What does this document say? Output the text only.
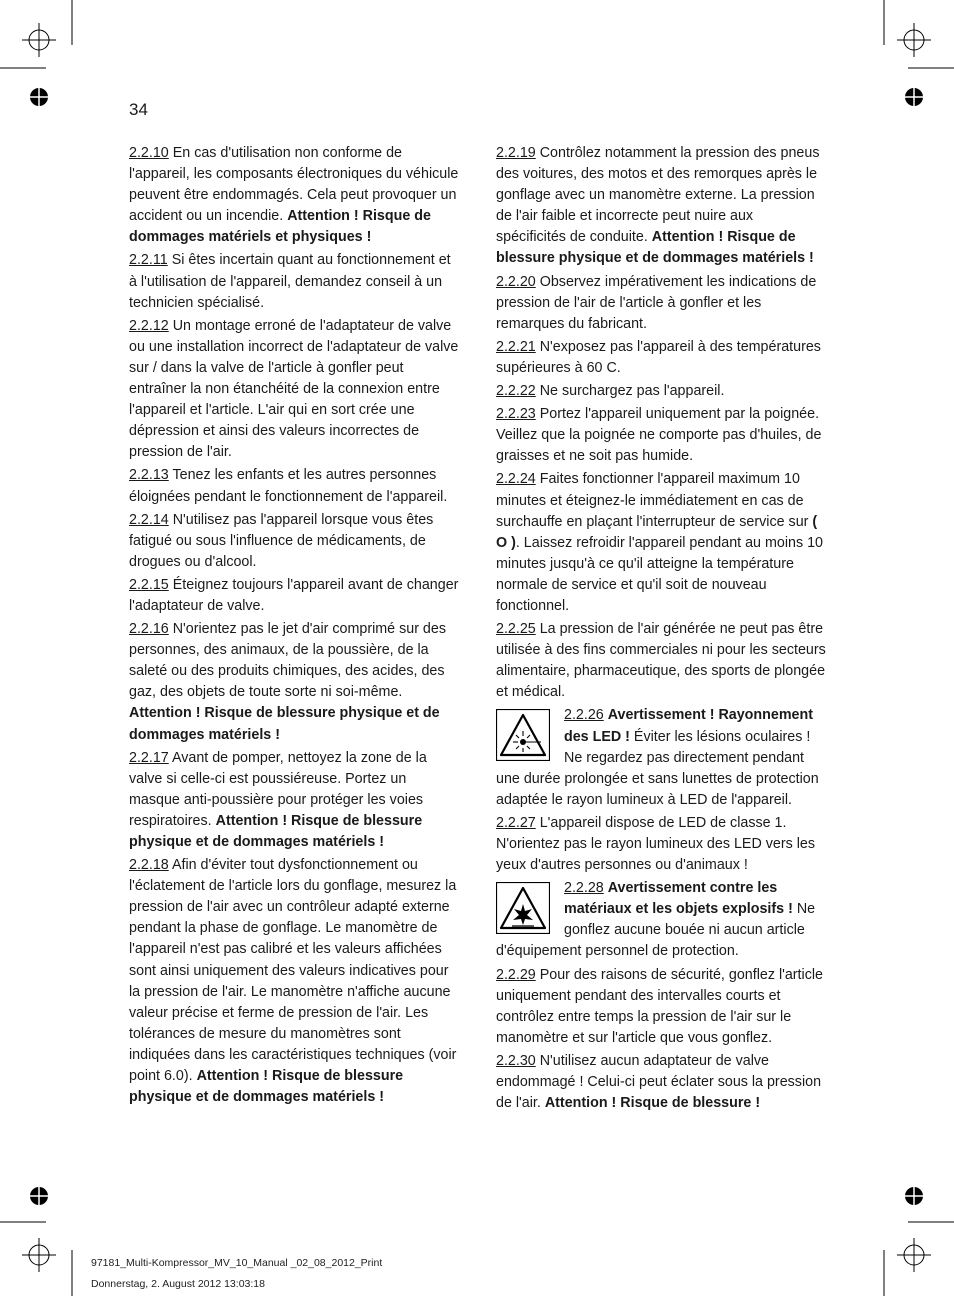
34

2.2.10 En cas d'utilisation non conforme de l'appareil, les composants électroniques du véhicule peuvent être endommagés. Cela peut provoquer un accident ou un incendie. Attention ! Risque de dommages matériels et physiques !

2.2.11 Si êtes incertain quant au fonctionnement et à l'utilisation de l'appareil, demandez conseil à un technicien spécialisé.

2.2.12 Un montage erroné de l'adaptateur de valve ou une installation incorrect de l'adaptateur de valve sur / dans la valve de l'article à gonfler peut entraîner la non étanchéité de la connexion entre l'appareil et l'article. L'air qui en sort crée une dépression et ainsi des valeurs incorrectes de pression de l'air.

2.2.13 Tenez les enfants et les autres personnes éloignées pendant le fonctionnement de l'appareil.

2.2.14 N'utilisez pas l'appareil lorsque vous êtes fatigué ou sous l'influence de médicaments, de drogues ou d'alcool.

2.2.15 Éteignez toujours l'appareil avant de changer l'adaptateur de valve.

2.2.16 N'orientez pas le jet d'air comprimé sur des personnes, des animaux, de la poussière, de la saleté ou des produits chimiques, des acides, des gaz, des objets de toute sorte ni soi-même.
Attention ! Risque de blessure physique et de dommages matériels !

2.2.17 Avant de pomper, nettoyez la zone de la valve si celle-ci est poussiéreuse. Portez un masque anti-poussière pour protéger les voies respiratoires. Attention ! Risque de blessure physique et de dommages matériels !

2.2.18 Afin d'éviter tout dysfonctionnement ou l'éclatement de l'article lors du gonflage, mesurez la pression de l'air avec un contrôleur adapté externe pendant la phase de gonflage. Le manomètre de l'appareil n'est pas calibré et les valeurs affichées sont ainsi uniquement des valeurs indicatives pour la pression de l'air. Le manomètre n'affiche aucune valeur précise et ferme de pression de l'air. Les tolérances de mesure du manomètres sont indiquées dans les caractéristiques techniques (voir point 6.0). Attention ! Risque de blessure physique et de dommages matériels !

2.2.19 Contrôlez notamment la pression des pneus des voitures, des motos et des remorques après le gonflage avec un manomètre externe. La pression de l'air faible et incorrecte peut nuire aux spécificités de conduite. Attention ! Risque de blessure physique et de dommages matériels !

2.2.20 Observez impérativement les indications de pression de l'air de l'article à gonfler et les remarques du fabricant.

2.2.21 N'exposez pas l'appareil à des températures supérieures à 60 C.

2.2.22 Ne surchargez pas l'appareil.

2.2.23 Portez l'appareil uniquement par la poignée. Veillez que la poignée ne comporte pas d'huiles, de graisses et ne soit pas humide.

2.2.24 Faites fonctionner l'appareil maximum 10 minutes et éteignez-le immédiatement en cas de surchauffe en plaçant l'interrupteur de service sur ( O ). Laissez refroidir l'appareil pendant au moins 10 minutes jusqu'à ce qu'il atteigne la température normale de service et qu'il soit de nouveau fonctionnel.

2.2.25 La pression de l'air générée ne peut pas être utilisée à des fins commerciales ni pour les secteurs alimentaire, pharmaceutique, des sports de plongée et médical.

2.2.26 Avertissement ! Rayonnement des LED ! Éviter les lésions oculaires ! Ne regardez pas directement pendant une durée prolongée et sans lunettes de protection adaptée le rayon lumineux à LED de l'appareil.

2.2.27 L'appareil dispose de LED de classe 1. N'orientez pas le rayon lumineux des LED vers les yeux d'autres personnes ou d'animaux !

2.2.28 Avertissement contre les matériaux et les objets explosifs ! Ne gonflez aucune bouée ni aucun article d'équipement personnel de protection.

2.2.29 Pour des raisons de sécurité, gonflez l'article uniquement pendant des intervalles courts et contrôlez entre temps la pression de l'air sur le manomètre et sur l'article que vous gonflez.

2.2.30 N'utilisez aucun adaptateur de valve endommagé ! Celui-ci peut éclater sous la pression de l'air. Attention ! Risque de blessure !

97181_Multi-Kompressor_MV_10_Manual _02_08_2012_Print
Donnerstag, 2. August 2012 13:03:18
